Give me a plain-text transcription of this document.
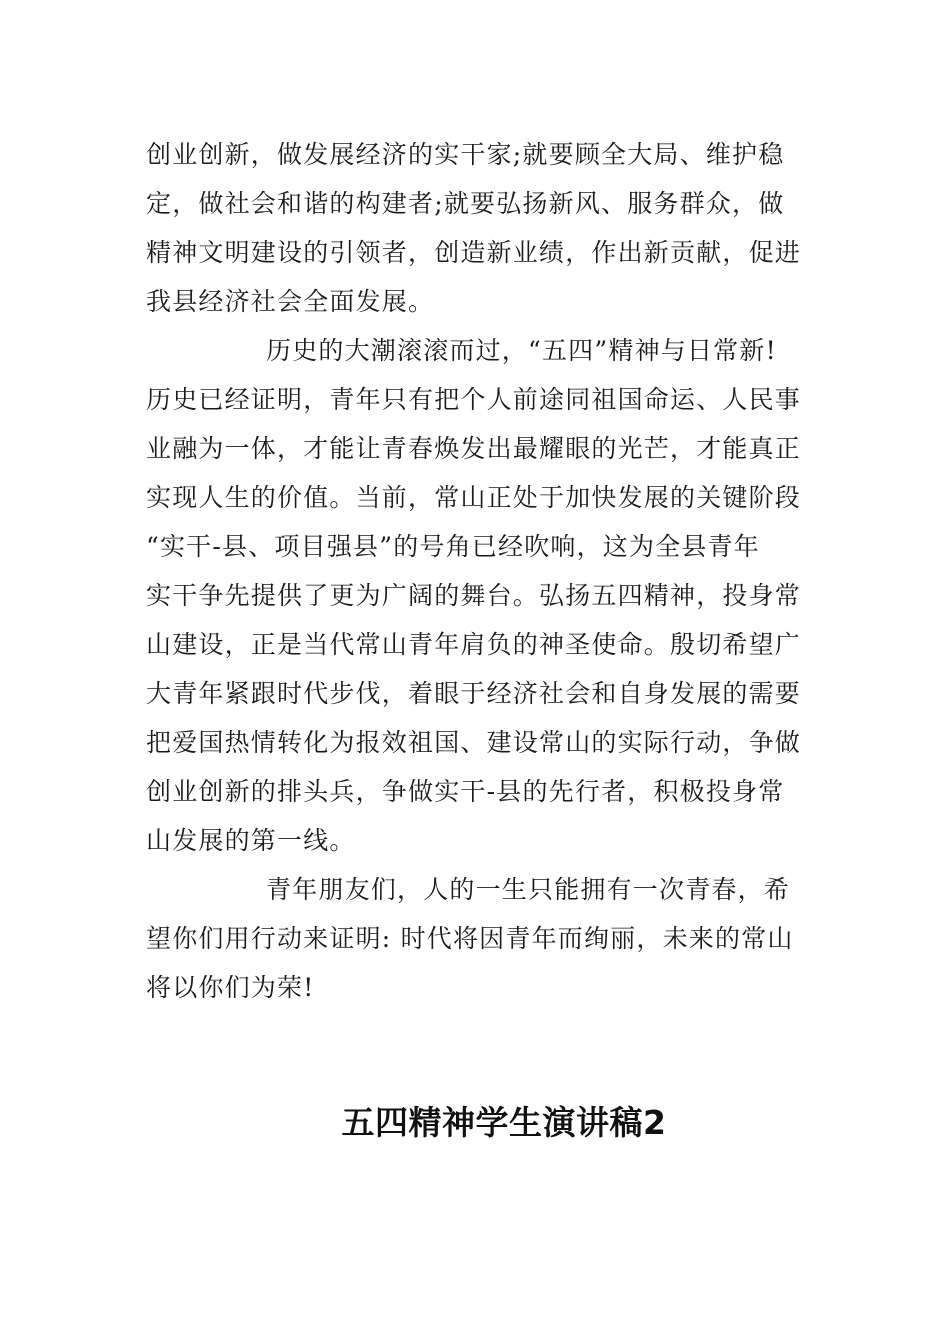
创业创新，做发展经济的实干家;就要顾全大局、维护稳
定，做社会和谐的构建者;就要弘扬新风、服务群众，做
精神文明建设的引领者，创造新业绩，作出新贡献，促进
我县经济社会全面发展。
历史的大潮滚滚而过，“五四”精神与日常新!
历史已经证明，青年只有把个人前途同祖国命运、人民事
业融为一体，才能让青春焕发出最耀眼的光芒，才能真正
实现人生的价值。当前，常山正处于加快发展的关键阶段
“实干-县、项目强县”的号角已经吹响，这为全县青年
实干争先提供了更为广阔的舞台。弘扬五四精神，投身常
山建设，正是当代常山青年肩负的神圣使命。殷切希望广
大青年紧跟时代步伐，着眼于经济社会和自身发展的需要
把爱国热情转化为报效祖国、建设常山的实际行动，争做
创业创新的排头兵，争做实干-县的先行者，积极投身常
山发展的第一线。
青年朋友们，人的一生只能拥有一次青春，希
望你们用行动来证明: 时代将因青年而绚丽，未来的常山
将以你们为荣!
五四精神学生演讲稿2
